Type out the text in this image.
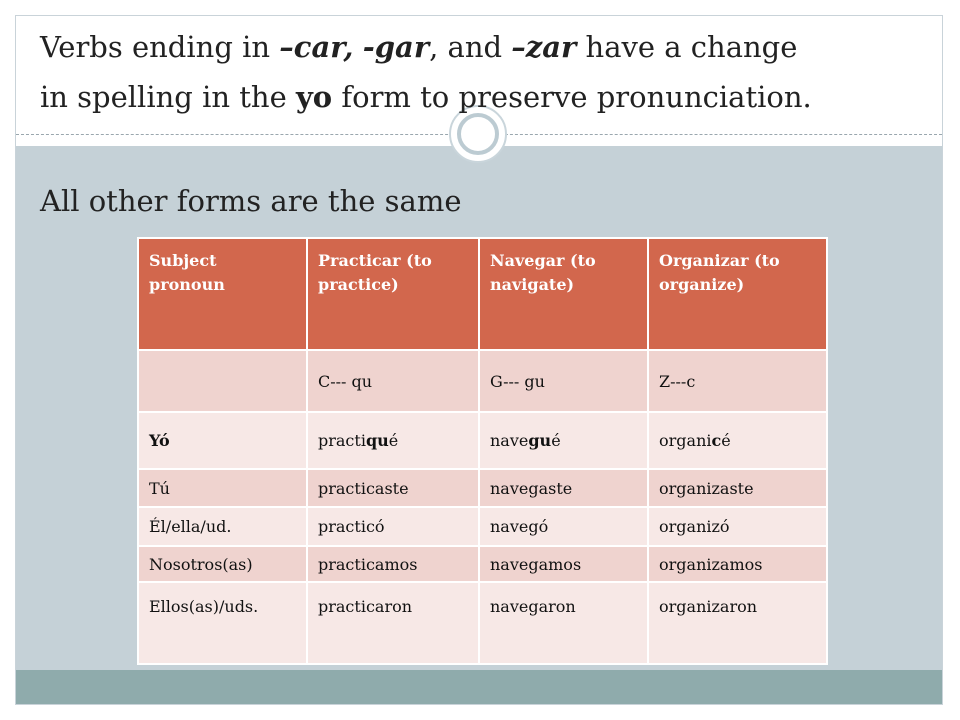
Verbs ending in –car, -gar, and –zar have a change
in spelling in the yo form to preserve pronunciation.

All other forms are the same

Subject pronoun	Practicar (to practice)	Navegar (to navigate)	Organizar (to organize)
	C--- qu	G--- gu	Z---c
Yó	practiqué	navegué	organicé
Tú	practicaste	navegaste	organizaste
Él/ella/ud.	practicó	navegó	organizó
Nosotros(as)	practicamos	navegamos	organizamos
Ellos(as)/uds.	practicaron	navegaron	organizaron
